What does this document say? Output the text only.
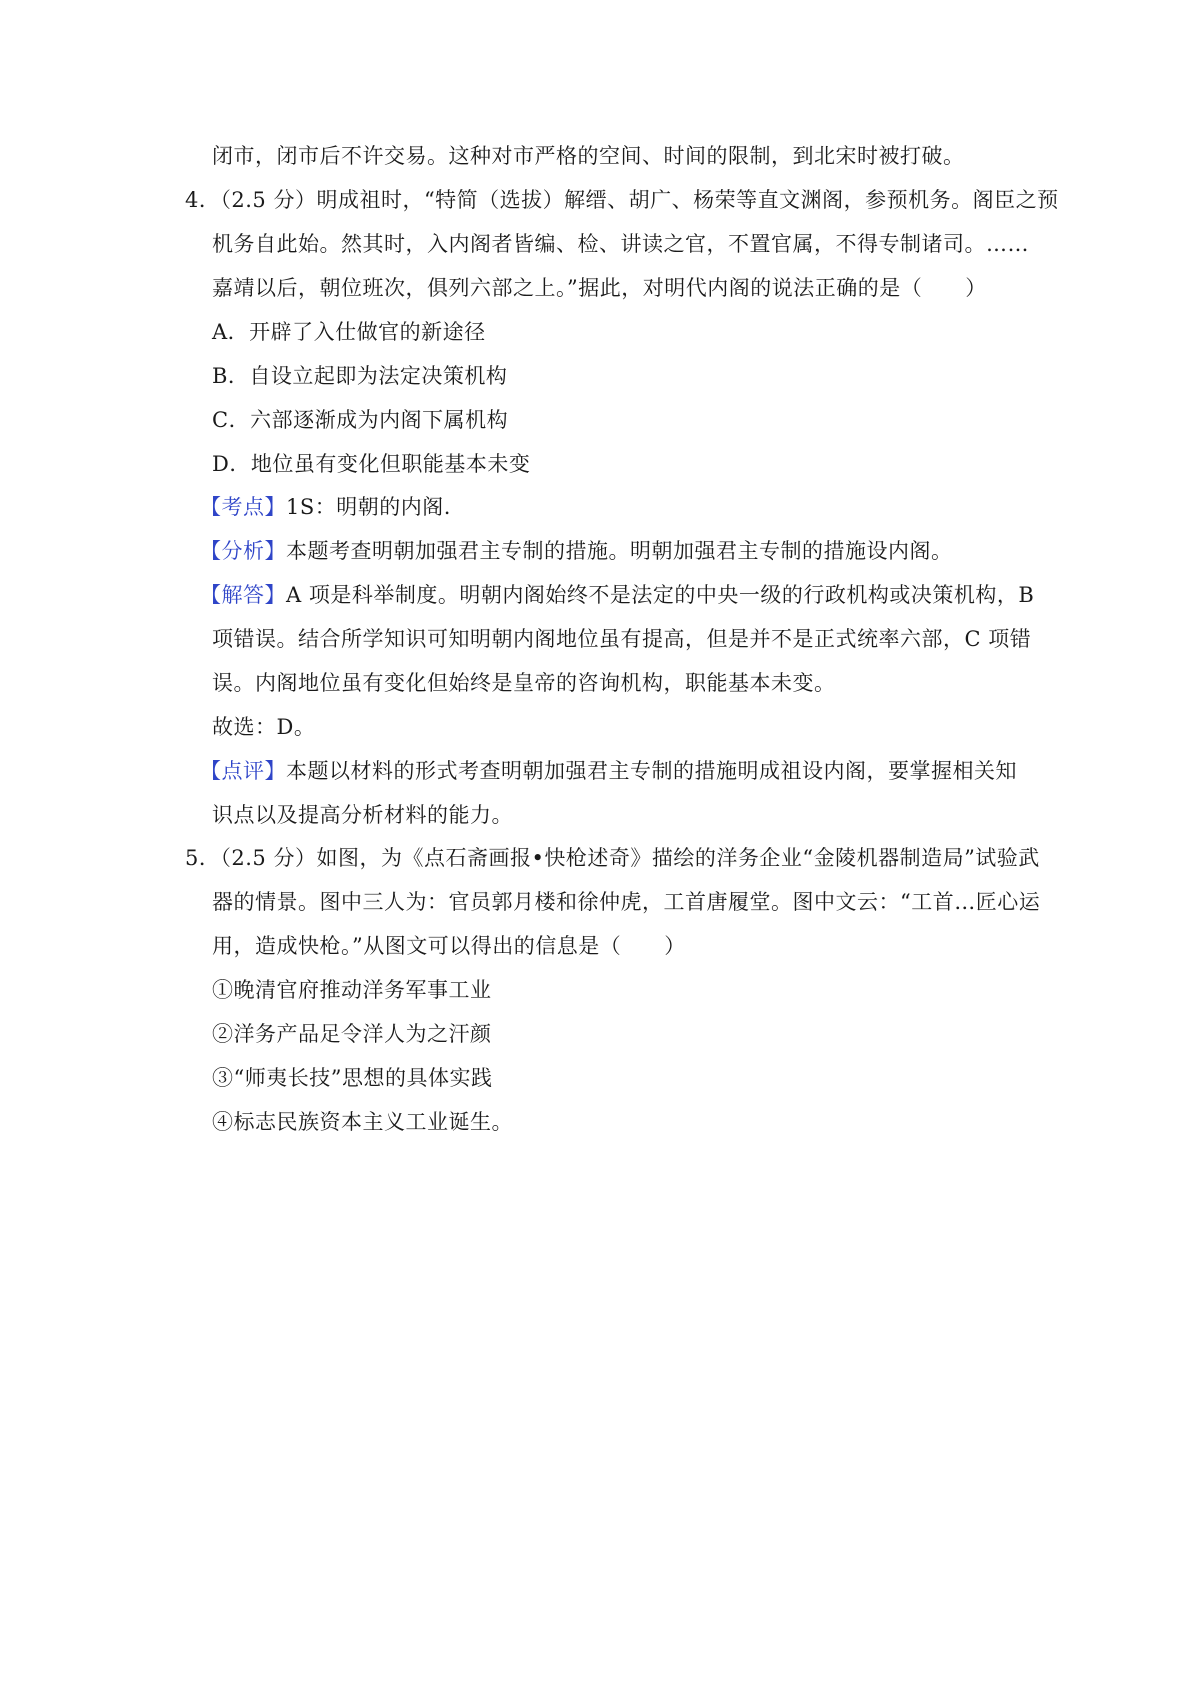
闭市，闭市后不许交易。这种对市严格的空间、时间的限制，到北宋时被打破。
4．（2.5 分）明成祖时，“特简（选拔）解缙、胡广、杨荣等直文渊阁，参预机务。阁臣之预
机务自此始。然其时，入内阁者皆编、检、讲读之官，不置官属，不得专制诸司。……
嘉靖以后，朝位班次，俱列六部之上。”据此，对明代内阁的说法正确的是（　　）
A．开辟了入仕做官的新途径
B．自设立起即为法定决策机构
C．六部逐渐成为内阁下属机构
D．地位虽有变化但职能基本未变
【考点】1S：明朝的内阁.
【分析】本题考查明朝加强君主专制的措施。明朝加强君主专制的措施设内阁。
【解答】A 项是科举制度。明朝内阁始终不是法定的中央一级的行政机构或决策机构，B
项错误。结合所学知识可知明朝内阁地位虽有提高，但是并不是正式统率六部，C 项错
误。内阁地位虽有变化但始终是皇帝的咨询机构，职能基本未变。
故选：D。
【点评】本题以材料的形式考查明朝加强君主专制的措施明成祖设内阁，要掌握相关知
识点以及提高分析材料的能力。
5．（2.5 分）如图，为《点石斋画报•快枪述奇》描绘的洋务企业“金陵机器制造局”试验武
器的情景。图中三人为：官员郭月楼和徐仲虎，工首唐履堂。图中文云：“工首…匠心运
用，造成快枪。”从图文可以得出的信息是（　　）
①晚清官府推动洋务军事工业
②洋务产品足令洋人为之汗颜
③“师夷长技”思想的具体实践
④标志民族资本主义工业诞生。
